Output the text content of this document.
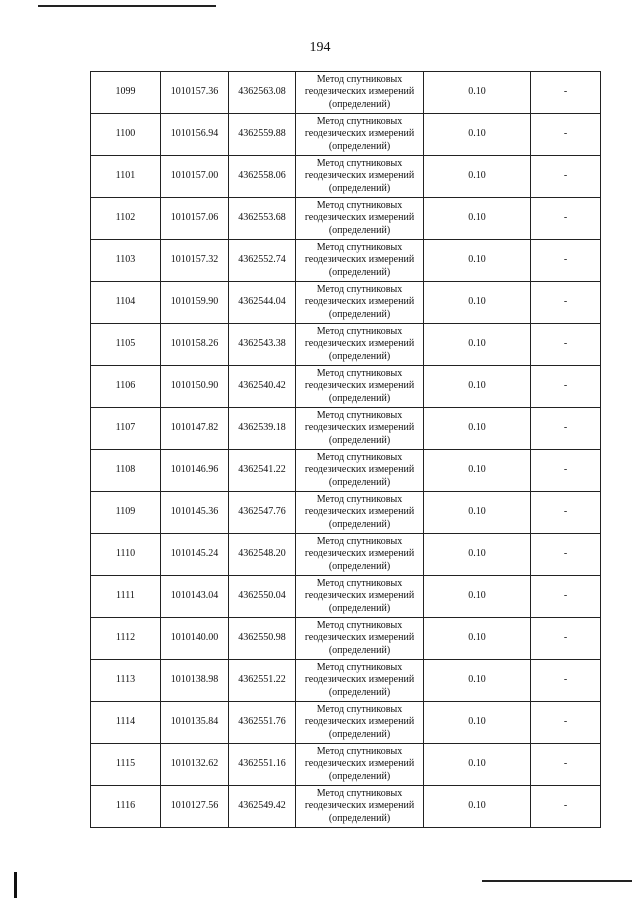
194
1099	1010157.36	4362563.08	Метод спутниковых
геодезических измерений
(определений)	0.10	-
1100	1010156.94	4362559.88	Метод спутниковых
геодезических измерений
(определений)	0.10	-
1101	1010157.00	4362558.06	Метод спутниковых
геодезических измерений
(определений)	0.10	-
1102	1010157.06	4362553.68	Метод спутниковых
геодезических измерений
(определений)	0.10	-
1103	1010157.32	4362552.74	Метод спутниковых
геодезических измерений
(определений)	0.10	-
1104	1010159.90	4362544.04	Метод спутниковых
геодезических измерений
(определений)	0.10	-
1105	1010158.26	4362543.38	Метод спутниковых
геодезических измерений
(определений)	0.10	-
1106	1010150.90	4362540.42	Метод спутниковых
геодезических измерений
(определений)	0.10	-
1107	1010147.82	4362539.18	Метод спутниковых
геодезических измерений
(определений)	0.10	-
1108	1010146.96	4362541.22	Метод спутниковых
геодезических измерений
(определений)	0.10	-
1109	1010145.36	4362547.76	Метод спутниковых
геодезических измерений
(определений)	0.10	-
1110	1010145.24	4362548.20	Метод спутниковых
геодезических измерений
(определений)	0.10	-
1111	1010143.04	4362550.04	Метод спутниковых
геодезических измерений
(определений)	0.10	-
1112	1010140.00	4362550.98	Метод спутниковых
геодезических измерений
(определений)	0.10	-
1113	1010138.98	4362551.22	Метод спутниковых
геодезических измерений
(определений)	0.10	-
1114	1010135.84	4362551.76	Метод спутниковых
геодезических измерений
(определений)	0.10	-
1115	1010132.62	4362551.16	Метод спутниковых
геодезических измерений
(определений)	0.10	-
1116	1010127.56	4362549.42	Метод спутниковых
геодезических измерений
(определений)	0.10	-
